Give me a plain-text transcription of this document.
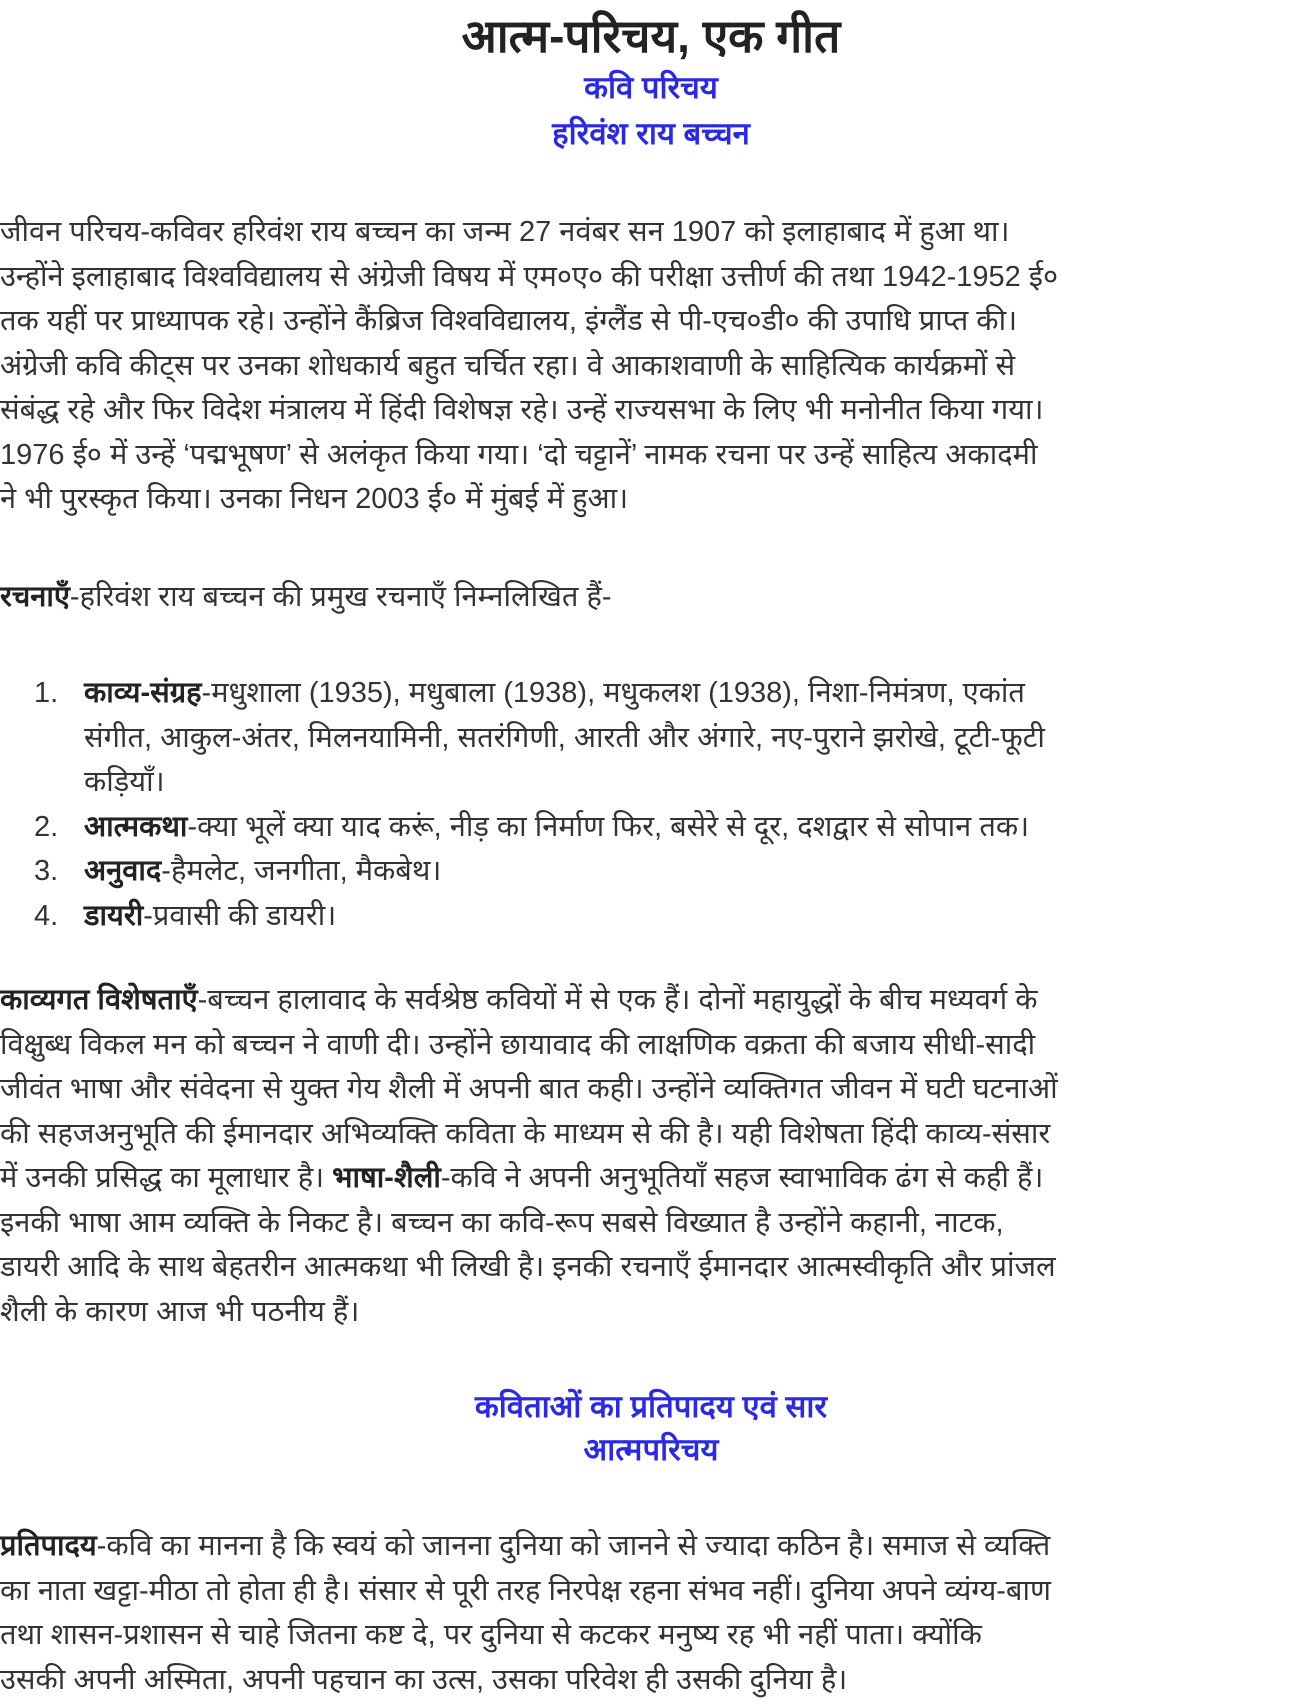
आत्म-परिचय, एक गीत
कवि परिचय
हरिवंश राय बच्चन
जीवन परिचय-कविवर हरिवंश राय बच्चन का जन्म 27 नवंबर सन 1907 को इलाहाबाद में हुआ था।
उन्होंने इलाहाबाद विश्वविद्यालय से अंग्रेजी विषय में एम०ए० की परीक्षा उत्तीर्ण की तथा 1942-1952 ई०
तक यहीं पर प्राध्यापक रहे। उन्होंने कैंब्रिज विश्वविद्यालय, इंग्लैंड से पी-एच०डी० की उपाधि प्राप्त की।
अंग्रेजी कवि कीट्स पर उनका शोधकार्य बहुत चर्चित रहा। वे आकाशवाणी के साहित्यिक कार्यक्रमों से
संबंद्ध रहे और फिर विदेश मंत्रालय में हिंदी विशेषज्ञ रहे। उन्हें राज्यसभा के लिए भी मनोनीत किया गया।
1976 ई० में उन्हें ‘पद्मभूषण’ से अलंकृत किया गया। ‘दो चट्टानें’ नामक रचना पर उन्हें साहित्य अकादमी
ने भी पुरस्कृत किया। उनका निधन 2003 ई० में मुंबई में हुआ।
रचनाएँ-हरिवंश राय बच्चन की प्रमुख रचनाएँ निम्नलिखित हैं-
1. काव्य-संग्रह-मधुशाला (1935), मधुबाला (1938), मधुकलश (1938), निशा-निमंत्रण, एकांत
संगीत, आकुल-अंतर, मिलनयामिनी, सतरंगिणी, आरती और अंगारे, नए-पुराने झरोखे, टूटी-फूटी
कड़ियाँ।
2. आत्मकथा-क्या भूलें क्या याद करूं, नीड़ का निर्माण फिर, बसेरे से दूर, दशद्वार से सोपान तक।
3. अनुवाद-हैमलेट, जनगीता, मैकबेथ।
4. डायरी-प्रवासी की डायरी।
काव्यगत विशेषताएँ-बच्चन हालावाद के सर्वश्रेष्ठ कवियों में से एक हैं। दोनों महायुद्धों के बीच मध्यवर्ग के
विक्षुब्ध विकल मन को बच्चन ने वाणी दी। उन्होंने छायावाद की लाक्षणिक वक्रता की बजाय सीधी-सादी
जीवंत भाषा और संवेदना से युक्त गेय शैली में अपनी बात कही। उन्होंने व्यक्तिगत जीवन में घटी घटनाओं
की सहजअनुभूति की ईमानदार अभिव्यक्ति कविता के माध्यम से की है। यही विशेषता हिंदी काव्य-संसार
में उनकी प्रसिद्ध का मूलाधार है। भाषा-शैली-कवि ने अपनी अनुभूतियाँ सहज स्वाभाविक ढंग से कही हैं।
इनकी भाषा आम व्यक्ति के निकट है। बच्चन का कवि-रूप सबसे विख्यात है उन्होंने कहानी, नाटक,
डायरी आदि के साथ बेहतरीन आत्मकथा भी लिखी है। इनकी रचनाएँ ईमानदार आत्मस्वीकृति और प्रांजल
शैली के कारण आज भी पठनीय हैं।
कविताओं का प्रतिपादय एवं सार
आत्मपरिचय
प्रतिपादय-कवि का मानना है कि स्वयं को जानना दुनिया को जानने से ज्यादा कठिन है। समाज से व्यक्ति
का नाता खट्टा-मीठा तो होता ही है। संसार से पूरी तरह निरपेक्ष रहना संभव नहीं। दुनिया अपने व्यंग्य-बाण
तथा शासन-प्रशासन से चाहे जितना कष्ट दे, पर दुनिया से कटकर मनुष्य रह भी नहीं पाता। क्योंकि
उसकी अपनी अस्मिता, अपनी पहचान का उत्स, उसका परिवेश ही उसकी दुनिया है।
